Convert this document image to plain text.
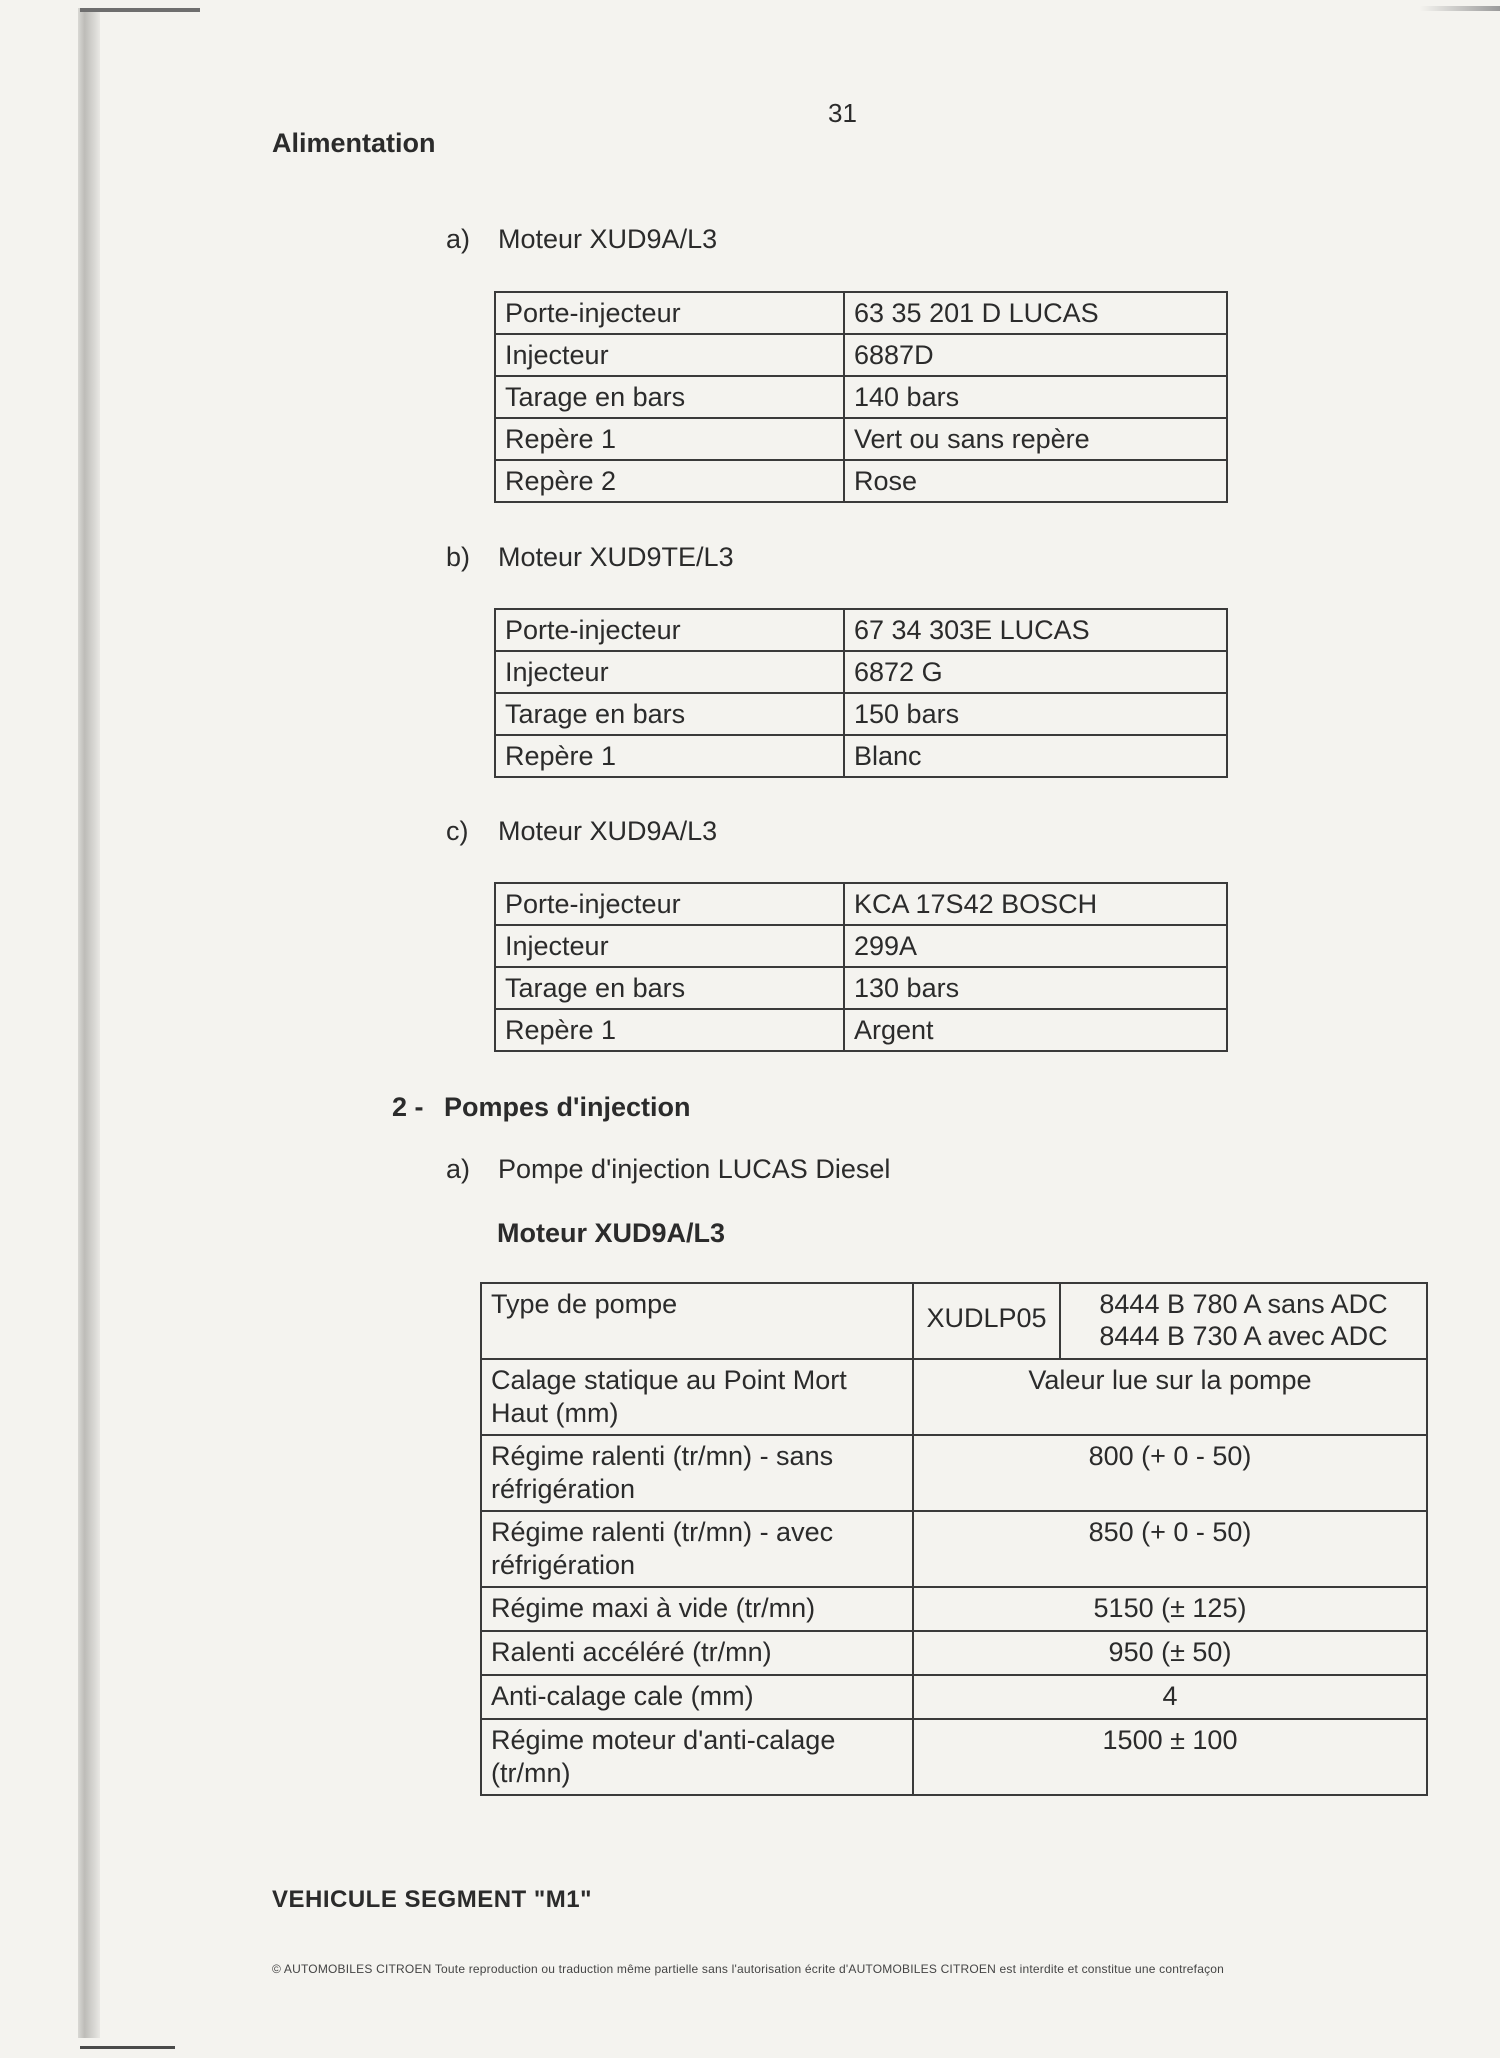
31
Alimentation
a) Moteur XUD9A/L3
Porte-injecteur	63 35 201 D LUCAS
Injecteur	6887D
Tarage en bars	140 bars
Repère 1	Vert ou sans repère
Repère 2	Rose
b) Moteur XUD9TE/L3
Porte-injecteur	67 34 303E LUCAS
Injecteur	6872 G
Tarage en bars	150 bars
Repère 1	Blanc
c) Moteur XUD9A/L3
Porte-injecteur	KCA 17S42 BOSCH
Injecteur	299A
Tarage en bars	130 bars
Repère 1	Argent
2 - Pompes d'injection
a) Pompe d'injection LUCAS Diesel
Moteur XUD9A/L3
Type de pompe	XUDLP05	8444 B 780 A sans ADC
8444 B 730 A avec ADC

Calage statique au Point Mort Haut (mm)	Valeur lue sur la pompe	
Régime ralenti (tr/mn) - sans réfrigération	800 (+ 0 - 50)	
Régime ralenti (tr/mn) - avec réfrigération	850 (+ 0 - 50)	
Régime maxi à vide (tr/mn)	5150 (± 125)	
Ralenti accéléré (tr/mn)	950 (± 50)	
Anti-calage cale (mm)	4	
Régime moteur d'anti-calage (tr/mn)	1500 ± 100	
VEHICULE SEGMENT "M1"
© AUTOMOBILES CITROEN Toute reproduction ou traduction même partielle sans l'autorisation écrite d'AUTOMOBILES CITROEN est interdite et constitue une contrefaçon
